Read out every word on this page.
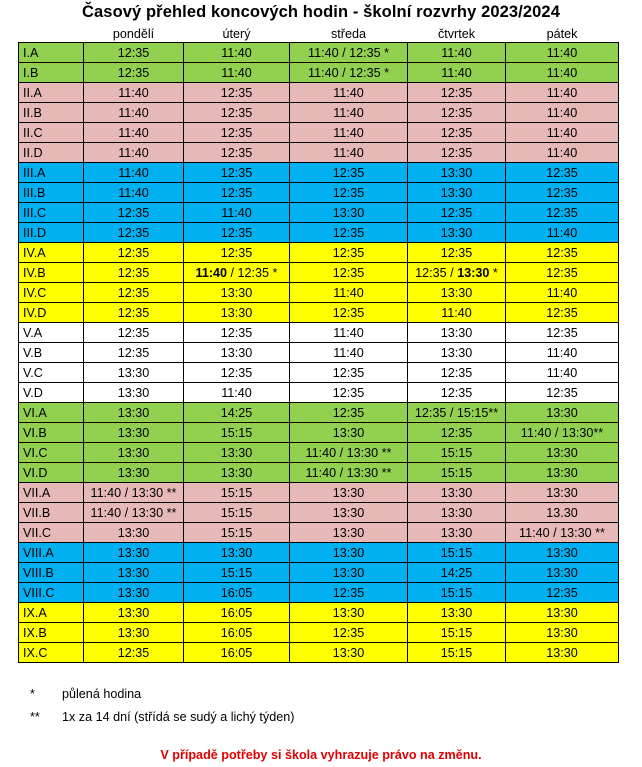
Časový přehled koncových hodin - školní rozvrhy 2023/2024
	pondělí	úterý	středa	čtvrtek	pátek
I.A	12:35	11:40	11:40 / 12:35 *	11:40	11:40
I.B	12:35	11:40	11:40 / 12:35 *	11:40	11:40
II.A	11:40	12:35	11:40	12:35	11:40
II.B	11:40	12:35	11:40	12:35	11:40
II.C	11:40	12:35	11:40	12:35	11:40
II.D	11:40	12:35	11:40	12:35	11:40
III.A	11:40	12:35	12:35	13:30	12:35
III.B	11:40	12:35	12:35	13:30	12:35
III.C	12:35	11:40	13:30	12:35	12:35
III.D	12:35	12:35	12:35	13:30	11:40
IV.A	12:35	12:35	12:35	12:35	12:35
IV.B	12:35	11:40 / 12:35 *	12:35	12:35 / 13:30 *	12:35
IV.C	12:35	13:30	11:40	13:30	11:40
IV.D	12:35	13:30	12:35	11:40	12:35
V.A	12:35	12:35	11:40	13:30	12:35
V.B	12:35	13:30	11:40	13:30	11:40
V.C	13:30	12:35	12:35	12:35	11:40
V.D	13:30	11:40	12:35	12:35	12:35
VI.A	13:30	14:25	12:35	12:35 / 15:15**	13:30
VI.B	13:30	15:15	13:30	12:35	11:40 / 13:30**
VI.C	13:30	13:30	11:40 / 13:30 **	15:15	13:30
VI.D	13:30	13:30	11:40 / 13:30 **	15:15	13:30
VII.A	11:40 / 13:30 **	15:15	13:30	13:30	13:30
VII.B	11:40 / 13:30 **	15:15	13:30	13:30	13.30
VII.C	13:30	15:15	13:30	13:30	11:40 / 13:30 **
VIII.A	13:30	13:30	13:30	15:15	13:30
VIII.B	13:30	15:15	13:30	14:25	13:30
VIII.C	13:30	16:05	12:35	15:15	12:35
IX.A	13:30	16:05	13:30	13:30	13:30
IX.B	13:30	16:05	12:35	15:15	13:30
IX.C	12:35	16:05	13:30	15:15	13:30
* půlená hodina
** 1x za 14 dní (střídá se sudý a lichý týden)
V případě potřeby si škola vyhrazuje právo na změnu.
